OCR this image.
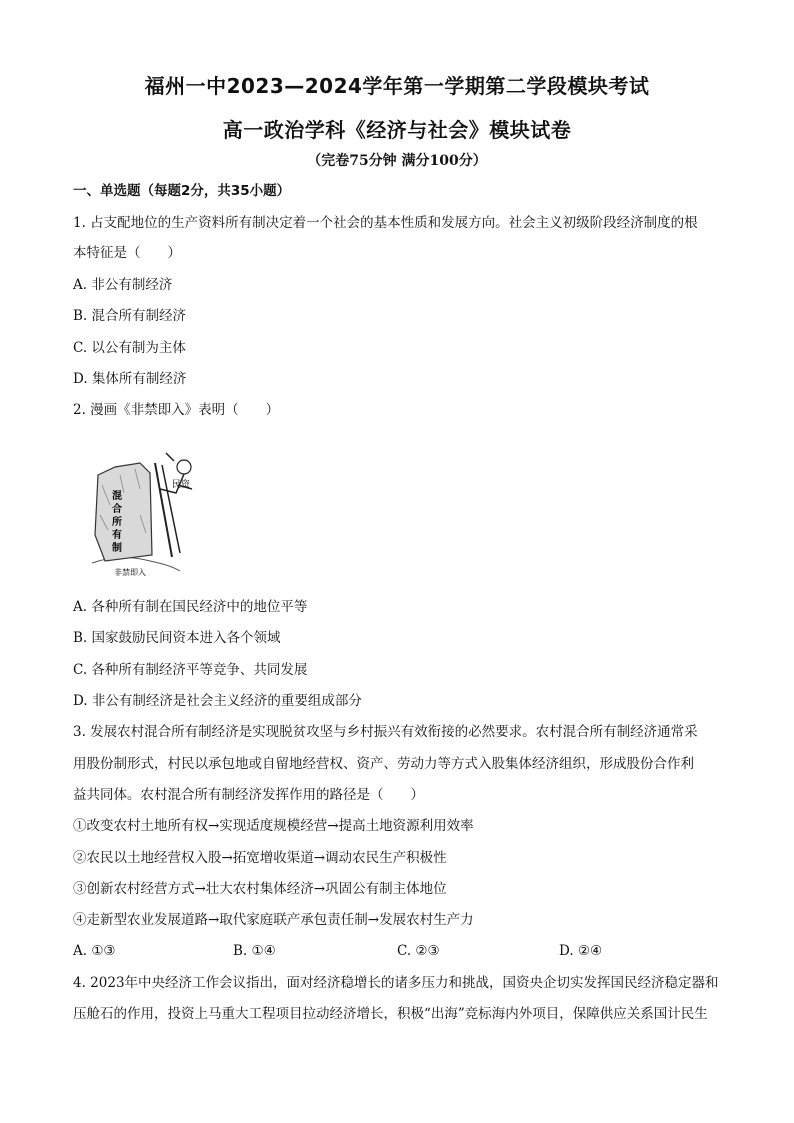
福州一中2023—2024学年第一学期第二学段模块考试
高一政治学科《经济与社会》模块试卷
（完卷75分钟 满分100分）
一、单选题（每题2分，共35小题）
1. 占支配地位的生产资料所有制决定着一个社会的基本性质和发展方向。社会主义初级阶段经济制度的根
本特征是（　　）
A. 非公有制经济
B. 混合所有制经济
C. 以公有制为主体
D. 集体所有制经济
2. 漫画《非禁即入》表明（　　）
民资
非禁即入
混
合
所
有
制
A. 各种所有制在国民经济中的地位平等
B. 国家鼓励民间资本进入各个领域
C. 各种所有制经济平等竞争、共同发展
D. 非公有制经济是社会主义经济的重要组成部分
3. 发展农村混合所有制经济是实现脱贫攻坚与乡村振兴有效衔接的必然要求。农村混合所有制经济通常采
用股份制形式，村民以承包地或自留地经营权、资产、劳动力等方式入股集体经济组织，形成股份合作利
益共同体。农村混合所有制经济发挥作用的路径是（　　）
①改变农村土地所有权→实现适度规模经营→提高土地资源利用效率
②农民以土地经营权入股→拓宽增收渠道→调动农民生产积极性
③创新农村经营方式→壮大农村集体经济→巩固公有制主体地位
④走新型农业发展道路→取代家庭联产承包责任制→发展农村生产力
A. ①③	B. ①④	C. ②③	D. ②④
4. 2023年中央经济工作会议指出，面对经济稳增长的诸多压力和挑战，国资央企切实发挥国民经济稳定器和
压舱石的作用，投资上马重大工程项目拉动经济增长，积极“出海”竞标海内外项目，保障供应关系国计民生
